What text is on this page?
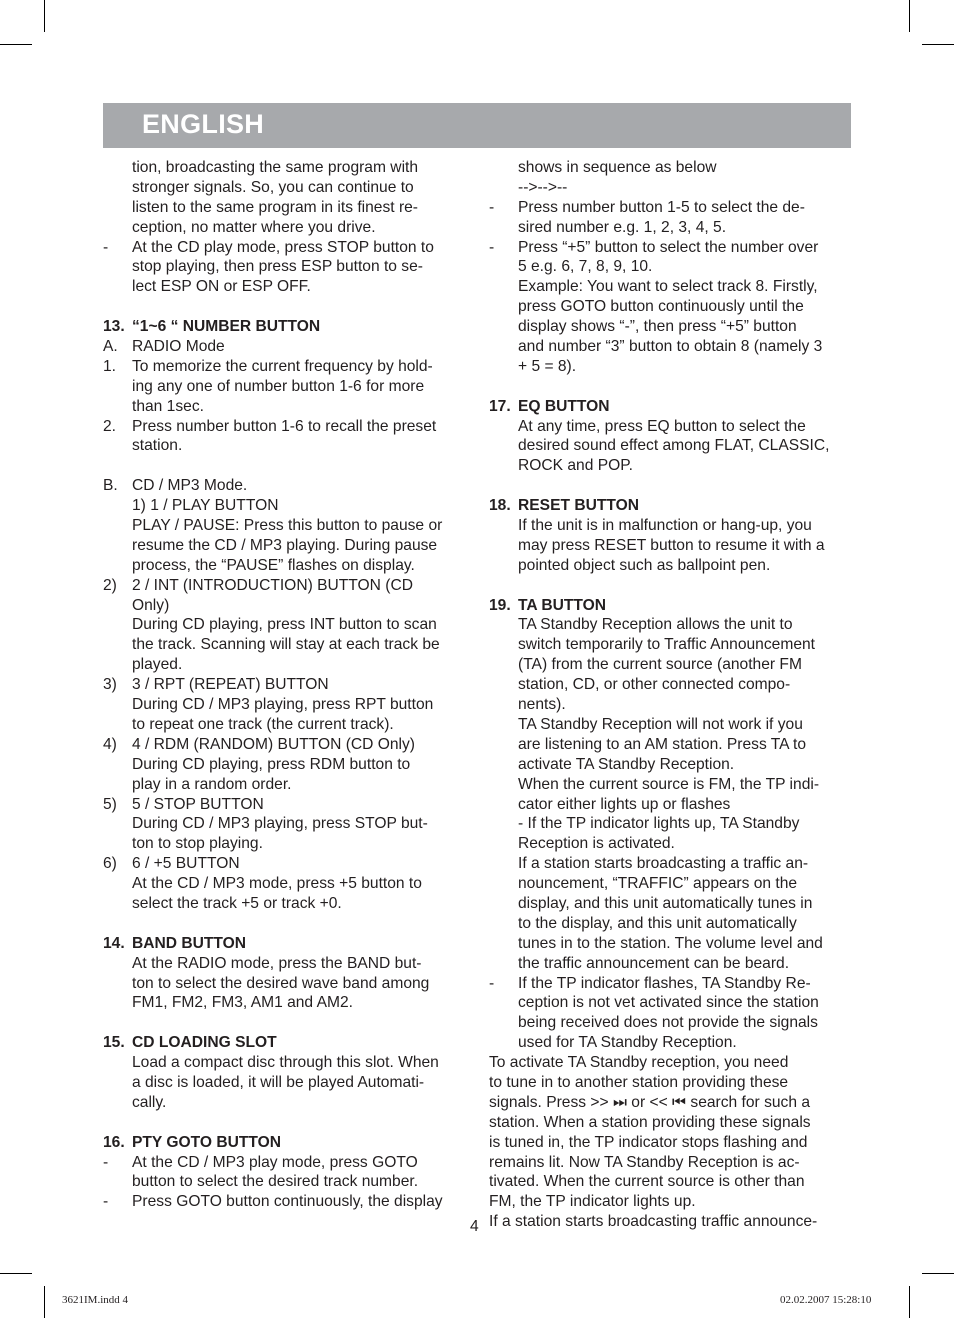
ENGLISH
tion, broadcasting the same program with
stronger signals. So, you can continue to
listen to the same program in its finest re-
ception, no matter where you drive.
- At the CD play mode, press STOP button to
stop playing, then press ESP button to se-
lect ESP ON or ESP OFF.
13. “1~6 “ NUMBER BUTTON
A. RADIO Mode
1. To memorize the current frequency by hold-
ing any one of number button 1-6 for more
than 1sec.
2. Press number button 1-6 to recall the preset
station.
B. CD / MP3 Mode.
1) 1 / PLAY BUTTON
PLAY / PAUSE: Press this button to pause or
resume the CD / MP3 playing. During pause
process, the “PAUSE” flashes on display.
2) 2 / INT (INTRODUCTION) BUTTON (CD
Only)
During CD playing, press INT button to scan
the track. Scanning will stay at each track be
played.
3) 3 / RPT (REPEAT) BUTTON
During CD / MP3 playing, press RPT button
to repeat one track (the current track).
4) 4 / RDM (RANDOM) BUTTON (CD Only)
During CD playing, press RDM button to
play in a random order.
5) 5 / STOP BUTTON
During CD / MP3 playing, press STOP but-
ton to stop playing.
6) 6 / +5 BUTTON
At the CD / MP3 mode, press +5 button to
select the track +5 or track +0.
14. BAND BUTTON
At the RADIO mode, press the BAND but-
ton to select the desired wave band among
FM1, FM2, FM3, AM1 and AM2.
15. CD LOADING SLOT
Load a compact disc through this slot. When
a disc is loaded, it will be played Automati-
cally.
16. PTY GOTO BUTTON
- At the CD / MP3 play mode, press GOTO
button to select the desired track number.
- Press GOTO button continuously, the display
shows in sequence as below
-->-->--
- Press number button 1-5 to select the de-
sired number e.g. 1, 2, 3, 4, 5.
- Press “+5” button to select the number over
5 e.g. 6, 7, 8, 9, 10.
Example: You want to select track 8. Firstly,
press GOTO button continuously until the
display shows “-”, then press “+5” button
and number “3” button to obtain 8 (namely 3
+ 5 = 8).
17. EQ BUTTON
At any time, press EQ button to select the
desired sound effect among FLAT, CLASSIC,
ROCK and POP.
18. RESET BUTTON
If the unit is in malfunction or hang-up, you
may press RESET button to resume it with a
pointed object such as ballpoint pen.
19. TA BUTTON
TA Standby Reception allows the unit to
switch temporarily to Traffic Announcement
(TA) from the current source (another FM
station, CD, or other connected compo-
nents).
TA Standby Reception will not work if you
are listening to an AM station. Press TA to
activate TA Standby Reception.
When the current source is FM, the TP indi-
cator either lights up or flashes
- If the TP indicator lights up, TA Standby
Reception is activated.
If a station starts broadcasting a traffic an-
nouncement, “TRAFFIC” appears on the
display, and this unit automatically tunes in
to the display, and this unit automatically
tunes in to the station. The volume level and
the traffic announcement can be beard.
- If the TP indicator flashes, TA Standby Re-
ception is not vet activated since the station
being received does not provide the signals
used for TA Standby Reception.
To activate TA Standby reception, you need
to tune in to another station providing these
signals. Press >> ⏭ or << ⏮ search for such a
station. When a station providing these signals
is tuned in, the TP indicator stops flashing and
remains lit. Now TA Standby Reception is ac-
tivated. When the current source is other than
FM, the TP indicator lights up.
If a station starts broadcasting traffic announce-
4
3621IM.indd 4	02.02.2007 15:28:10
